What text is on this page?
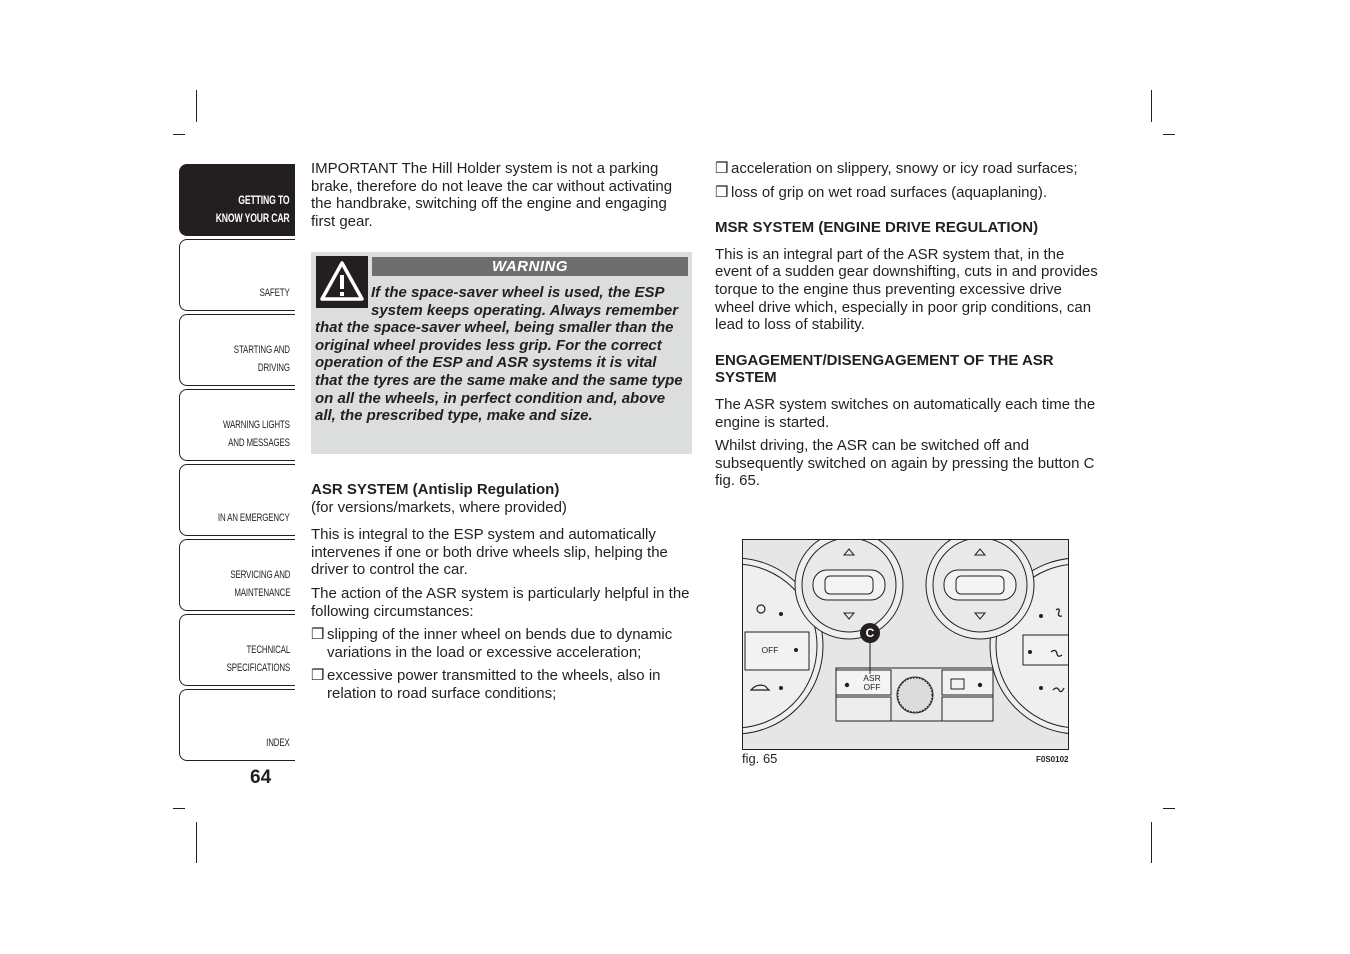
GETTING TO
KNOW YOUR CAR
SAFETY
STARTING AND
DRIVING
WARNING LIGHTS
AND MESSAGES
IN AN EMERGENCY
SERVICING AND
MAINTENANCE
TECHNICAL
SPECIFICATIONS
INDEX
64

IMPORTANT The Hill Holder system is not a parking brake, therefore do not leave the car without activating the handbrake, switching off the engine and engaging first gear.

WARNING
If the space-saver wheel is used, the ESP system keeps operating. Always remember that the space-saver wheel, being smaller than the original wheel provides less grip. For the correct operation of the ESP and ASR systems it is vital that the tyres are the same make and the same type on all the wheels, in perfect condition and, above all, the prescribed type, make and size.
ASR SYSTEM (Antislip Regulation)

(for versions/markets, where provided)

This is integral to the ESP system and automatically intervenes if one or both drive wheels slip, helping the driver to control the car.

The action of the ASR system is particularly helpful in the following circumstances:

❒ slipping of the inner wheel on bends due to dynamic variations in the load or excessive acceleration;
❒ excessive power transmitted to the wheels, also in relation to road surface conditions;
❒ acceleration on slippery, snowy or icy road surfaces;
❒ loss of grip on wet road surfaces (aquaplaning).
MSR SYSTEM (ENGINE DRIVE REGULATION)

This is an integral part of the ASR system that, in the event of a sudden gear downshifting, cuts in and provides torque to the engine thus preventing excessive drive wheel drive which, especially in poor grip conditions, can lead to loss of stability.

ENGAGEMENT/DISENGAGEMENT OF THE ASR SYSTEM

The ASR system switches on automatically each time the engine is started.

Whilst driving, the ASR can be switched off and subsequently switched on again by pressing the button C fig. 65.

C
ASR
OFF
OFF
fig. 65	F0S0102
